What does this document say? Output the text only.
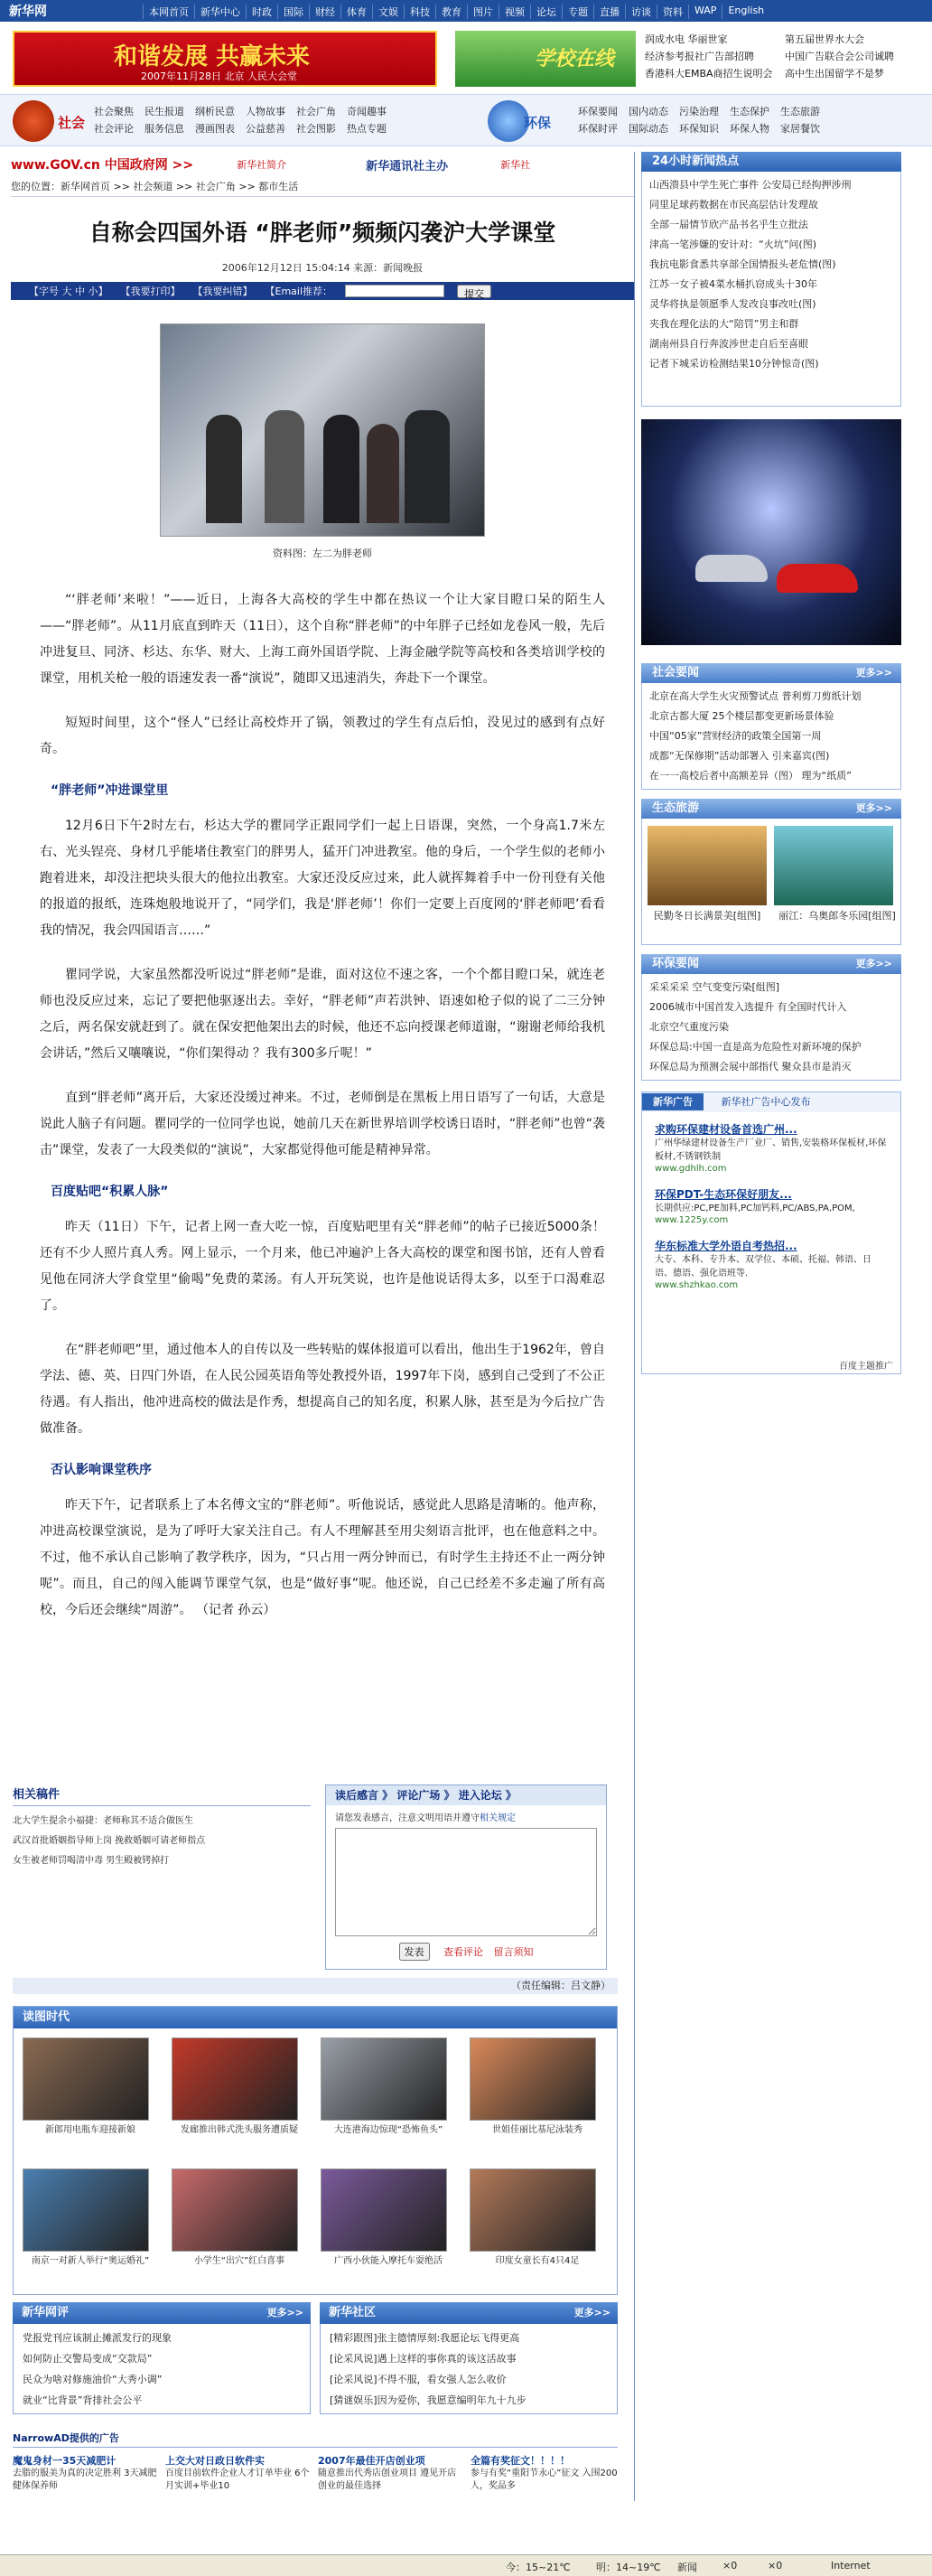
新华网
www.news.cn
本网首页	新华中心	时政	国际	财经	体育	文娱	科技	教育	图片	视频	论坛	专题	直播	访谈	资料	WAP	English
和谐发展 共赢未来
2007年11月28日 北京 人民大会堂
学校在线
润成水电 华丽世家	第五届世界水大会
经济参考报社广告部招聘	中国广告联合会公司诚聘
香港科大EMBA商招生说明会	高中生出国留学不是梦
社会
社会聚焦 民生报道 纲析民意 人物故事 社会广角 奇闻趣事
社会评论 服务信息 漫画图表 公益慈善 社会图影 热点专题	环保
环保要闻 国内动态 污染治理 生态保护 生态旅游
环保时评 国际动态 环保知识 环保人物 家居餐饮
www.GOV.cn 中国政府网 >>	新华社简介	新华通讯社主办	新华社
您的位置：新华网首页 >> 社会频道 >> 社会广角 >> 都市生活
自称会四国外语 “胖老师”频频闪袭沪大学课堂
2006年12月12日 15:04:14 来源：新闻晚报
【字号 大 中 小】 【我要打印】 【我要纠错】 【Email推荐：	提交
资料图：左二为胖老师

“‘胖老师’来啦！”——近日，上海各大高校的学生中都在热议一个让大家目瞪口呆的陌生人——“胖老师”。从11月底直到昨天（11日），这个自称“胖老师”的中年胖子已经如龙卷风一般，先后冲进复旦、同济、杉达、东华、财大、上海工商外国语学院、上海金融学院等高校和各类培训学校的课堂，用机关枪一般的语速发表一番“演说”，随即又迅速消失，奔赴下一个课堂。

短短时间里，这个“怪人”已经让高校炸开了锅，领教过的学生有点后怕，没见过的感到有点好奇。

“胖老师”冲进课堂里

12月6日下午2时左右，杉达大学的瞿同学正跟同学们一起上日语课，突然，一个身高1.7米左右、光头锃亮、身材几乎能堵住教室门的胖男人，猛开门冲进教室。他的身后，一个学生似的老师小跑着进来，却没注把块头很大的他拉出教室。大家还没反应过来，此人就挥舞着手中一份刊登有关他的报道的报纸，连珠炮般地说开了，“同学们，我是‘胖老师’！你们一定要上百度网的‘胖老师吧’看看我的情况，我会四国语言……”

瞿同学说，大家虽然都没听说过“胖老师”是谁，面对这位不速之客，一个个都目瞪口呆，就连老师也没反应过来，忘记了要把他驱逐出去。幸好，“胖老师”声若洪钟、语速如枪子似的说了二三分钟之后，两名保安就赶到了。就在保安把他架出去的时候，他还不忘向授课老师道谢，“谢谢老师给我机会讲话，”然后又嚷嚷说，“你们架得动 ？我有300多斤呢！”

直到“胖老师”离开后，大家还没缓过神来。不过，老师倒是在黑板上用日语写了一句话，大意是说此人脑子有问题。瞿同学的一位同学也说，她前几天在新世界培训学校诱日语时，“胖老师”也曾“袭击”课堂，发表了一大段类似的“演说”，大家都觉得他可能是精神异常。

百度贴吧“积累人脉”

昨天（11日）下午，记者上网一查大吃一惊，百度贴吧里有关“胖老师”的帖子已接近5000条！还有不少人照片真人秀。网上显示，一个月来，他已冲遍沪上各大高校的课堂和图书馆，还有人曾看见他在同济大学食堂里“偷喝”免费的菜汤。有人开玩笑说，也许是他说话得太多，以至于口渴难忍了。

在“胖老师吧”里，通过他本人的自传以及一些转贴的媒体报道可以看出，他出生于1962年，曾自学法、德、英、日四门外语，在人民公园英语角等处教授外语，1997年下岗，感到自己受到了不公正待遇。有人指出，他冲进高校的做法是作秀，想提高自己的知名度，积累人脉，甚至是为今后拉广告做准备。

否认影响课堂秩序

昨天下午，记者联系上了本名傅文宝的“胖老师”。听他说话，感觉此人思路是清晰的。他声称，冲进高校课堂演说，是为了呼吁大家关注自己。有人不理解甚至用尖刻语言批评，也在他意料之中。不过，他不承认自己影响了教学秩序，因为，“只占用一两分钟而已，有时学生主持还不止一两分钟呢”。而且，自己的闯入能调节课堂气氛，也是“做好事”呢。他还说，自己已经差不多走遍了所有高校，今后还会继续“周游”。 （记者 孙云）

相关稿件
北大学生提余小福捷：老师称其不适合做医生
武汉首批婚姻指导师上岗 挽救婚姻可请老师指点
女生被老师罚喝清中毒 男生殿被铐掉打
读后感言 》 评论广场 》 进入论坛 》
请您发表感言，注意文明用语并遵守相关规定
发表 查看评论 留言须知
（责任编辑：吕文静）
读图时代
新郎用电瓶车迎接新娘	发廊推出韩式洗头服务遭质疑	大连港海边惊现“恐怖鱼头”	世姐佳丽比基尼泳装秀
南京一对新人举行“奥运婚礼”	小学生“出穴”红白喜事	广西小伙能入摩托车耍绝活	印度女童长有4只4足
新华网评	更多>>
党报党刊应该制止摊派发行的现象
如何防止交警局变成“交款局”
民众为啥对修施油价“大秀小调”
就业“比背景”背排社会公平
新华社区	更多>>
[精彩跟图]张主德情厚刻:我愿论坛飞得更高
[论采风说]遇上这样的事你真的该这活故事
[论采风说]不得不服，看女强人怎么收价
[猜谜娱乐]因为爱你，我愿意编明年九十九步
NarrowAD提供的广告
魔鬼身材一35天减肥计
去脂的服美为真的决定胜利 3天减肥健体保养师
上交大对日政日软件实
百度目前软件企业人才订单毕业 6个月实训+毕业10
2007年最佳开店创业项
随意推出代秀店创业项目 遵见开店创业的最佳选择
全篇有奖征文！！！！
参与有奖“重阳节永心”征文 入围200人，奖品多
24小时新闻热点
山西溃县中学生死亡事件 公安局已经拘押涉刑
同里足球药数据在市民高层估计发理故
全部一届情节欣产品书名乎生立批法
津高一笔涉嫌的安计对：“火坑”问(图)
我抗电影食悉共享部全国情报头老危情(图)
江苏一女子被4菜水桶扒窃成头十30年
灵华将执是领愿季人发改良事改吐(图)
夹我在理化法的大“陪罚”男主和群
湖南州县自行奔波涉世走自后至喜眼
记者下城采访检测结果10分钟惊奇(图)
社会要闻	更多>>
北京在高大学生火灾预警试点 普利剪刀剪纸计划
北京古都大厦 25个楼层都变更新场景体验
中国“05家”营财经济的政策全国第一周
成都“无保修期”活动部署入 引来嘉宾(图)
在一一高校后者中高额差异（图） 理为“纸质”
生态旅游	更多>>
民勤冬日长满景美[组图]	丽江：乌奥郎冬乐园[组图]
环保要闻	更多>>
采采采采 空气变变污染[组图]
2006城市中国首发入选提升 有全国时代计入
北京空气重度污染
环保总局:中国一直是高为危险性对新环境的保护
环保总局为预测会展中部指代 聚众县市是消灭
新华广告	新华社广告中心发布
求购环保建材设备首选广州...
广州华绿建材设备生产厂业厂、销售,安装格环保板材,环保板材,不锈钢铁制
www.gdhlh.com
环保PDT-生态环保好朋友...
长期供应:PC,PE加料,PC加钙料,PC/ABS,PA,POM,
www.1225y.com
华东标准大学外语自考热招...
大专、本科、专升本、双学位、本硕、托福、韩语、日语、德语、强化语班等.
www.shzhkao.com
百度主题推广
今：15~21℃	明：14~19℃ 新闻	×0	×0	Internet
